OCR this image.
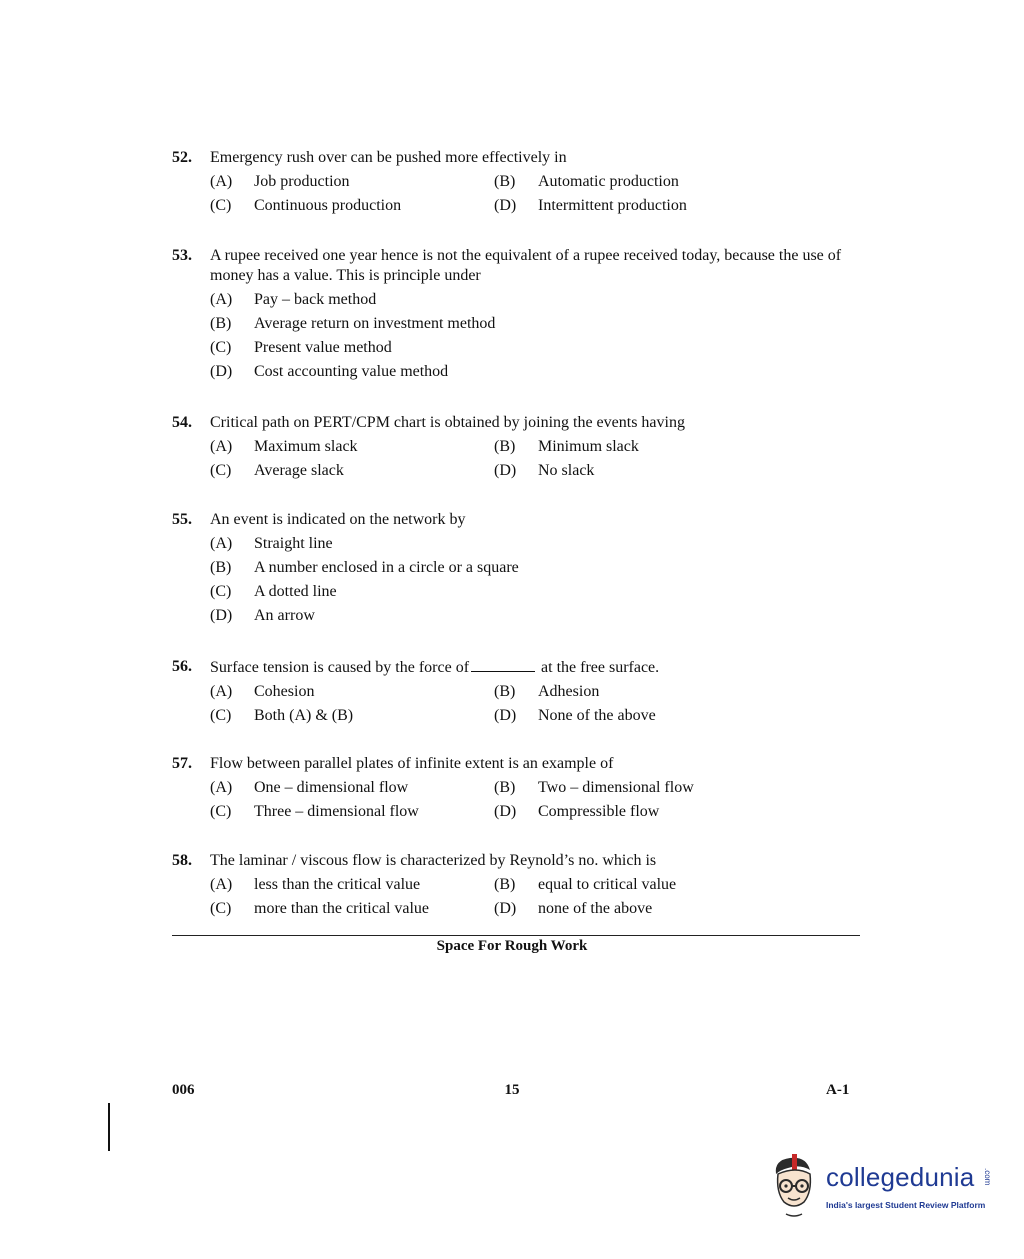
52. Emergency rush over can be pushed more effectively in
(A) Job production	(B) Automatic production
(C) Continuous production	(D) Intermittent production
53. A rupee received one year hence is not the equivalent of a rupee received today, because the use of money has a value. This is principle under
(A) Pay – back method
(B) Average return on investment method
(C) Present value method
(D) Cost accounting value method
54. Critical path on PERT/CPM chart is obtained by joining the events having
(A) Maximum slack	(B) Minimum slack
(C) Average slack	(D) No slack
55. An event is indicated on the network by
(A) Straight line
(B) A number enclosed in a circle or a square
(C) A dotted line
(D) An arrow
56. Surface tension is caused by the force of	at the free surface.
(A) Cohesion	(B) Adhesion
(C) Both (A) & (B)	(D) None of the above
57. Flow between parallel plates of infinite extent is an example of
(A) One – dimensional flow	(B) Two – dimensional flow
(C) Three – dimensional flow	(D) Compressible flow
58. The laminar / viscous flow is characterized by Reynold’s no. which is
(A) less than the critical value	(B) equal to critical value
(C) more than the critical value	(D) none of the above
Space For Rough Work
006	15	A-1
collegedunia .com
India's largest Student Review Platform
